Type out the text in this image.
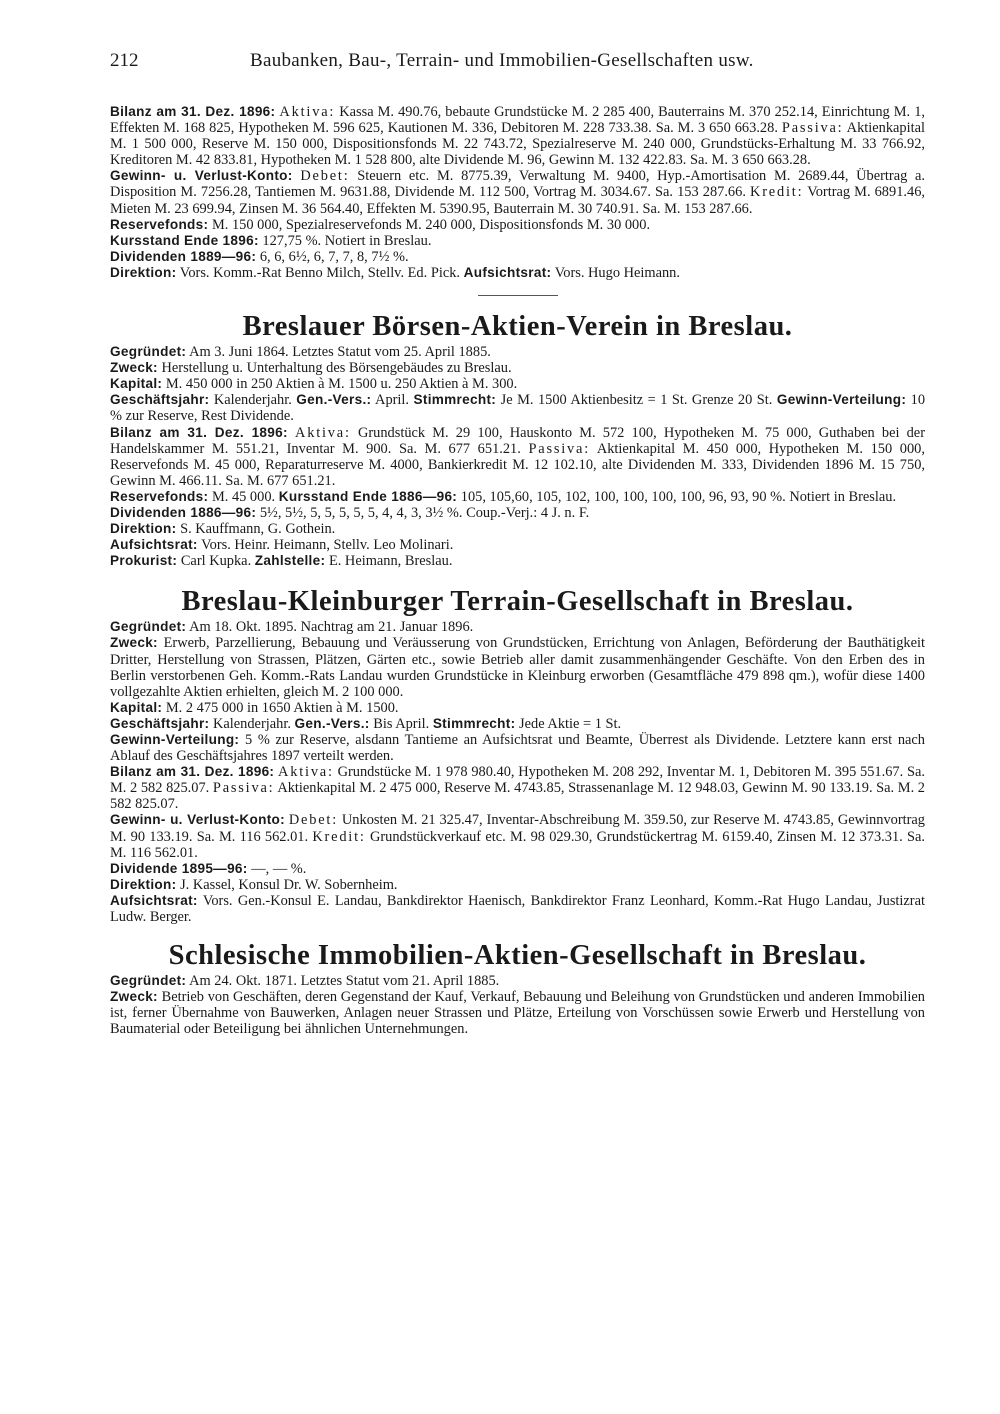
212	Baubanken, Bau-, Terrain- und Immobilien-Gesellschaften usw.

Bilanz am 31. Dez. 1896: Aktiva: Kassa M. 490.76, bebaute Grundstücke M. 2 285 400, Bauterrains M. 370 252.14, Einrichtung M. 1, Effekten M. 168 825, Hypotheken M. 596 625, Kautionen M. 336, Debitoren M. 228 733.38. Sa. M. 3 650 663.28. Passiva: Aktienkapital M. 1 500 000, Reserve M. 150 000, Dispositionsfonds M. 22 743.72, Spezialreserve M. 240 000, Grundstücks-Erhaltung M. 33 766.92, Kreditoren M. 42 833.81, Hypotheken M. 1 528 800, alte Dividende M. 96, Gewinn M. 132 422.83. Sa. M. 3 650 663.28.

Gewinn- u. Verlust-Konto: Debet: Steuern etc. M. 8775.39, Verwaltung M. 9400, Hyp.-Amortisation M. 2689.44, Übertrag a. Disposition M. 7256.28, Tantiemen M. 9631.88, Dividende M. 112 500, Vortrag M. 3034.67. Sa. 153 287.66. Kredit: Vortrag M. 6891.46, Mieten M. 23 699.94, Zinsen M. 36 564.40, Effekten M. 5390.95, Bauterrain M. 30 740.91. Sa. M. 153 287.66.

Reservefonds: M. 150 000, Spezialreservefonds M. 240 000, Dispositionsfonds M. 30 000.

Kursstand Ende 1896: 127,75 %. Notiert in Breslau.

Dividenden 1889—96: 6, 6, 6½, 6, 7, 7, 8, 7½ %.

Direktion: Vors. Komm.-Rat Benno Milch, Stellv. Ed. Pick. Aufsichtsrat: Vors. Hugo Heimann.

Breslauer Börsen-Aktien-Verein in Breslau.

Gegründet: Am 3. Juni 1864. Letztes Statut vom 25. April 1885.

Zweck: Herstellung u. Unterhaltung des Börsengebäudes zu Breslau.

Kapital: M. 450 000 in 250 Aktien à M. 1500 u. 250 Aktien à M. 300.

Geschäftsjahr: Kalenderjahr. Gen.-Vers.: April. Stimmrecht: Je M. 1500 Aktienbesitz = 1 St. Grenze 20 St. Gewinn-Verteilung: 10 % zur Reserve, Rest Dividende.

Bilanz am 31. Dez. 1896: Aktiva: Grundstück M. 29 100, Hauskonto M. 572 100, Hypotheken M. 75 000, Guthaben bei der Handelskammer M. 551.21, Inventar M. 900. Sa. M. 677 651.21. Passiva: Aktienkapital M. 450 000, Hypotheken M. 150 000, Reservefonds M. 45 000, Reparaturreserve M. 4000, Bankierkredit M. 12 102.10, alte Dividenden M. 333, Dividenden 1896 M. 15 750, Gewinn M. 466.11. Sa. M. 677 651.21.

Reservefonds: M. 45 000. Kursstand Ende 1886—96: 105, 105,60, 105, 102, 100, 100, 100, 100, 96, 93, 90 %. Notiert in Breslau.

Dividenden 1886—96: 5½, 5½, 5, 5, 5, 5, 5, 4, 4, 3, 3½ %. Coup.-Verj.: 4 J. n. F.

Direktion: S. Kauffmann, G. Gothein.

Aufsichtsrat: Vors. Heinr. Heimann, Stellv. Leo Molinari.

Prokurist: Carl Kupka. Zahlstelle: E. Heimann, Breslau.

Breslau-Kleinburger Terrain-Gesellschaft in Breslau.

Gegründet: Am 18. Okt. 1895. Nachtrag am 21. Januar 1896.

Zweck: Erwerb, Parzellierung, Bebauung und Veräusserung von Grundstücken, Errichtung von Anlagen, Beförderung der Bauthätigkeit Dritter, Herstellung von Strassen, Plätzen, Gärten etc., sowie Betrieb aller damit zusammenhängender Geschäfte. Von den Erben des in Berlin verstorbenen Geh. Komm.-Rats Landau wurden Grundstücke in Kleinburg erworben (Gesamtfläche 479 898 qm.), wofür diese 1400 vollgezahlte Aktien erhielten, gleich M. 2 100 000.

Kapital: M. 2 475 000 in 1650 Aktien à M. 1500.

Geschäftsjahr: Kalenderjahr. Gen.-Vers.: Bis April. Stimmrecht: Jede Aktie = 1 St.

Gewinn-Verteilung: 5 % zur Reserve, alsdann Tantieme an Aufsichtsrat und Beamte, Überrest als Dividende. Letztere kann erst nach Ablauf des Geschäftsjahres 1897 verteilt werden.

Bilanz am 31. Dez. 1896: Aktiva: Grundstücke M. 1 978 980.40, Hypotheken M. 208 292, Inventar M. 1, Debitoren M. 395 551.67. Sa. M. 2 582 825.07. Passiva: Aktienkapital M. 2 475 000, Reserve M. 4743.85, Strassenanlage M. 12 948.03, Gewinn M. 90 133.19. Sa. M. 2 582 825.07.

Gewinn- u. Verlust-Konto: Debet: Unkosten M. 21 325.47, Inventar-Abschreibung M. 359.50, zur Reserve M. 4743.85, Gewinnvortrag M. 90 133.19. Sa. M. 116 562.01. Kredit: Grundstückverkauf etc. M. 98 029.30, Grundstückertrag M. 6159.40, Zinsen M. 12 373.31. Sa. M. 116 562.01.

Dividende 1895—96: —, — %.

Direktion: J. Kassel, Konsul Dr. W. Sobernheim.

Aufsichtsrat: Vors. Gen.-Konsul E. Landau, Bankdirektor Haenisch, Bankdirektor Franz Leonhard, Komm.-Rat Hugo Landau, Justizrat Ludw. Berger.

Schlesische Immobilien-Aktien-Gesellschaft in Breslau.

Gegründet: Am 24. Okt. 1871. Letztes Statut vom 21. April 1885.

Zweck: Betrieb von Geschäften, deren Gegenstand der Kauf, Verkauf, Bebauung und Beleihung von Grundstücken und anderen Immobilien ist, ferner Übernahme von Bauwerken, Anlagen neuer Strassen und Plätze, Erteilung von Vorschüssen sowie Erwerb und Herstellung von Baumaterial oder Beteiligung bei ähnlichen Unternehmungen.
